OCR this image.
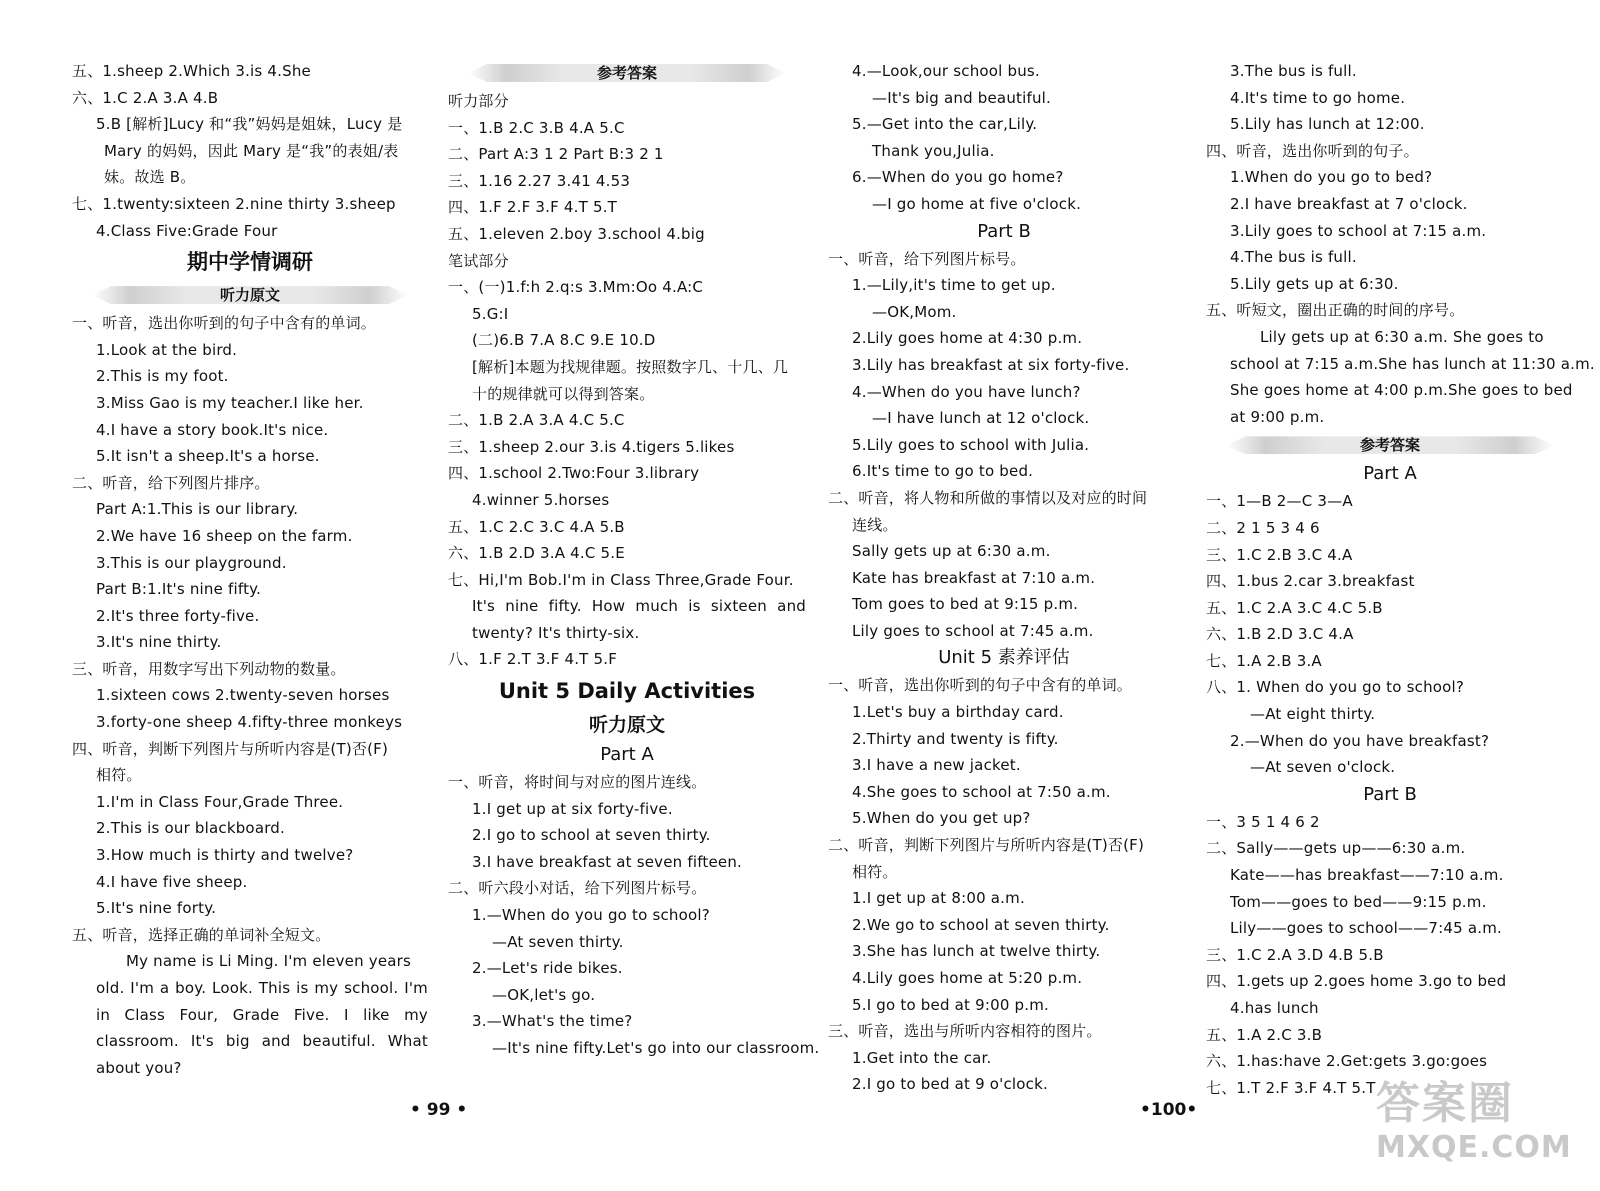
五、1.sheep 2.Which 3.is 4.She
六、1.C 2.A 3.A 4.B
5.B [解析]Lucy 和“我”妈妈是姐妹，Lucy 是
Mary 的妈妈，因此 Mary 是“我”的表姐/表
妹。故选 B。
七、1.twenty:sixteen 2.nine thirty 3.sheep
4.Class Five:Grade Four
期中学情调研
听力原文
一、听音，选出你听到的句子中含有的单词。
1.Look at the bird.
2.This is my foot.
3.Miss Gao is my teacher.I like her.
4.I have a story book.It's nice.
5.It isn't a sheep.It's a horse.
二、听音，给下列图片排序。
Part A:1.This is our library.
2.We have 16 sheep on the farm.
3.This is our playground.
Part B:1.It's nine fifty.
2.It's three forty-five.
3.It's nine thirty.
三、听音，用数字写出下列动物的数量。
1.sixteen cows 2.twenty-seven horses
3.forty-one sheep 4.fifty-three monkeys
四、听音，判断下列图片与所听内容是(T)否(F)
相符。
1.I'm in Class Four,Grade Three.
2.This is our blackboard.
3.How much is thirty and twelve?
4.I have five sheep.
5.It's nine forty.
五、听音，选择正确的单词补全短文。
My name is Li Ming. I'm eleven years
old. I'm a boy. Look. This is my school. I'm
in Class Four, Grade Five. I like my
classroom. It's big and beautiful. What
about you?
参考答案
听力部分
一、1.B 2.C 3.B 4.A 5.C
二、Part A:3 1 2 Part B:3 2 1
三、1.16 2.27 3.41 4.53
四、1.F 2.F 3.F 4.T 5.T
五、1.eleven 2.boy 3.school 4.big
笔试部分
一、(一)1.f:h 2.q:s 3.Mm:Oo 4.A:C
5.G:I
(二)6.B 7.A 8.C 9.E 10.D
[解析]本题为找规律题。按照数字几、十几、几
十的规律就可以得到答案。
二、1.B 2.A 3.A 4.C 5.C
三、1.sheep 2.our 3.is 4.tigers 5.likes
四、1.school 2.Two:Four 3.library
4.winner 5.horses
五、1.C 2.C 3.C 4.A 5.B
六、1.B 2.D 3.A 4.C 5.E
七、Hi,I'm Bob.I'm in Class Three,Grade Four.
It's nine fifty. How much is sixteen and
twenty? It's thirty-six.
八、1.F 2.T 3.F 4.T 5.F
Unit 5 Daily Activities
听力原文
Part A
一、听音，将时间与对应的图片连线。
1.I get up at six forty-five.
2.I go to school at seven thirty.
3.I have breakfast at seven fifteen.
二、听六段小对话，给下列图片标号。
1.—When do you go to school?
—At seven thirty.
2.—Let's ride bikes.
—OK,let's go.
3.—What's the time?
—It's nine fifty.Let's go into our classroom.
4.—Look,our school bus.
—It's big and beautiful.
5.—Get into the car,Lily.
Thank you,Julia.
6.—When do you go home?
—I go home at five o'clock.
Part B
一、听音，给下列图片标号。
1.—Lily,it's time to get up.
—OK,Mom.
2.Lily goes home at 4:30 p.m.
3.Lily has breakfast at six forty-five.
4.—When do you have lunch?
—I have lunch at 12 o'clock.
5.Lily goes to school with Julia.
6.It's time to go to bed.
二、听音，将人物和所做的事情以及对应的时间
连线。
Sally gets up at 6:30 a.m.
Kate has breakfast at 7:10 a.m.
Tom goes to bed at 9:15 p.m.
Lily goes to school at 7:45 a.m.
Unit 5 素养评估
一、听音，选出你听到的句子中含有的单词。
1.Let's buy a birthday card.
2.Thirty and twenty is fifty.
3.I have a new jacket.
4.She goes to school at 7:50 a.m.
5.When do you get up?
二、听音，判断下列图片与所听内容是(T)否(F)
相符。
1.I get up at 8:00 a.m.
2.We go to school at seven thirty.
3.She has lunch at twelve thirty.
4.Lily goes home at 5:20 p.m.
5.I go to bed at 9:00 p.m.
三、听音，选出与所听内容相符的图片。
1.Get into the car.
2.I go to bed at 9 o'clock.
3.The bus is full.
4.It's time to go home.
5.Lily has lunch at 12:00.
四、听音，选出你听到的句子。
1.When do you go to bed?
2.I have breakfast at 7 o'clock.
3.Lily goes to school at 7:15 a.m.
4.The bus is full.
5.Lily gets up at 6:30.
五、听短文，圈出正确的时间的序号。
Lily gets up at 6:30 a.m. She goes to
school at 7:15 a.m.She has lunch at 11:30 a.m.
She goes home at 4:00 p.m.She goes to bed
at 9:00 p.m.
参考答案
Part A
一、1—B 2—C 3—A
二、2 1 5 3 4 6
三、1.C 2.B 3.C 4.A
四、1.bus 2.car 3.breakfast
五、1.C 2.A 3.C 4.C 5.B
六、1.B 2.D 3.C 4.A
七、1.A 2.B 3.A
八、1. When do you go to school?
—At eight thirty.
2.—When do you have breakfast?
—At seven o'clock.
Part B
一、3 5 1 4 6 2
二、Sally——gets up——6:30 a.m.
Kate——has breakfast——7:10 a.m.
Tom——goes to bed——9:15 p.m.
Lily——goes to school——7:45 a.m.
三、1.C 2.A 3.D 4.B 5.B
四、1.gets up 2.goes home 3.go to bed
4.has lunch
五、1.A 2.C 3.B
六、1.has:have 2.Get:gets 3.go:goes
七、1.T 2.F 3.F 4.T 5.T
• 99 •	•100•	答案圈
MXQE.COM
